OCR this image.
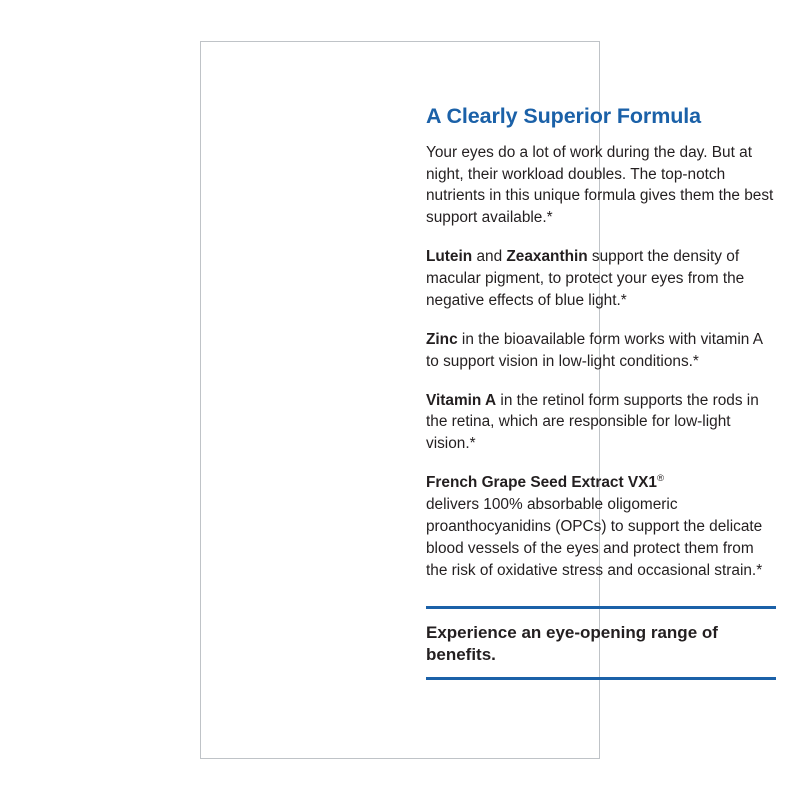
A Clearly Superior Formula

Your eyes do a lot of work during the day. But at night, their workload doubles. The top-notch nutrients in this unique formula gives them the best support available.*

Lutein and Zeaxanthin support the density of macular pigment, to protect your eyes from the negative effects of blue light.*

Zinc in the bioavailable form works with vitamin A to support vision in low-light conditions.*

Vitamin A in the retinol form supports the rods in the retina, which are responsible for low-light vision.*

French Grape Seed Extract VX1®
delivers 100% absorbable oligomeric proanthocyanidins (OPCs) to support the delicate blood vessels of the eyes and protect them from the risk of oxidative stress and occasional strain.*

Experience an eye-opening range of benefits.
